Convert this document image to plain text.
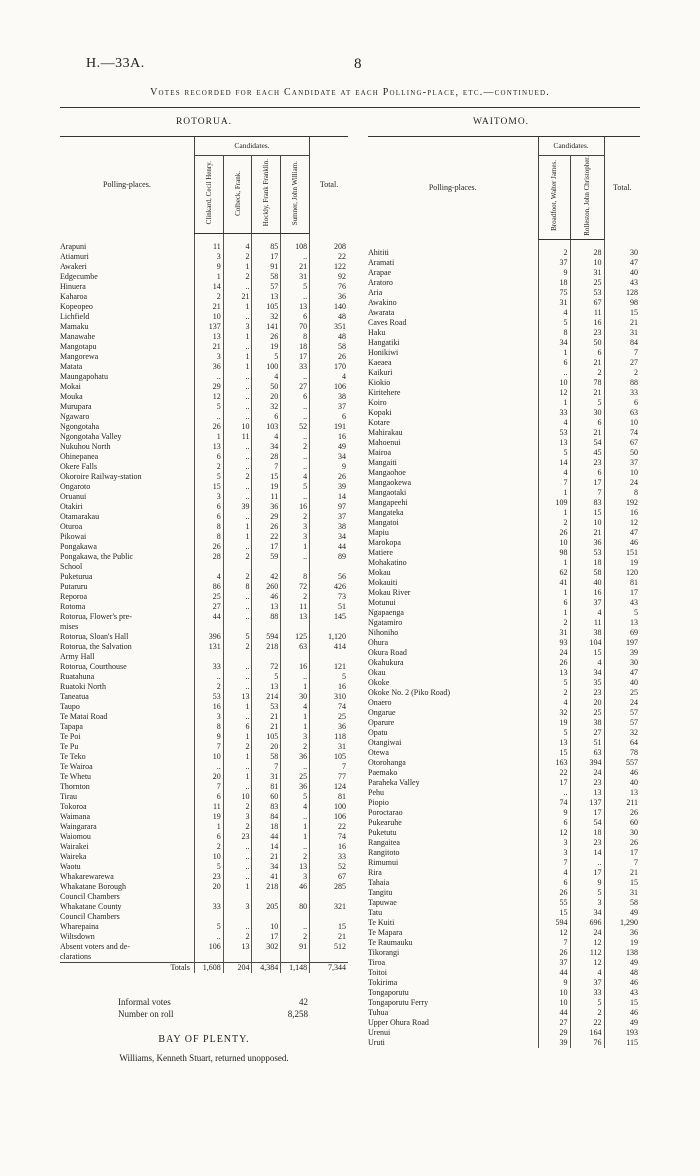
H.—33A.	8
Votes recorded for each Candidate at each Polling-place, etc.—continued.
ROTORUA.	WAITOMO.
Polling-places.	Candidates.				Total.
	Clinkard, Cecil Henry.	Colbeck, Frank.	Hockly, Frank Franklin.	Sumner, John William.	

Arapuni	11	4	85	108	208
Atiamuri	3	2	17	..	22
Awakeri	9	1	91	21	122
Edgecumbe	1	2	58	31	92
Hinuera	14	..	57	5	76
Kaharoa	2	21	13	..	36
Kopeopeo	21	1	105	13	140
Lichfield	10	..	32	6	48
Mamaku	137	3	141	70	351
Manawahe	13	1	26	8	48
Mangotapu	21	..	19	18	58
Mangorewa	3	1	5	17	26
Matata	36	1	100	33	170
Maungapohatu	..	..	4	..	4
Mokai	29	..	50	27	106
Mouka	12	..	20	6	38
Murupara	5	..	32	..	37
Ngawaro	..	..	6	..	6
Ngongotaha	26	10	103	52	191
Ngongotaha Valley	1	11	4	..	16
Nukuhou North	13	..	34	2	49
Ohinepanea	6	..	28	..	34
Okere Falls	2	..	7	..	9
Okoroire Railway-station	5	2	15	4	26
Ongaroto	15	..	19	5	39
Oruanui	3	..	11	..	14
Otakiri	6	39	36	16	97
Otamarakau	6	..	29	2	37
Oturoa	8	1	26	3	38
Pikowai	8	1	22	3	34
Pongakawa	26	..	17	1	44
Pongakawa, the Public	28	2	59	..	89
School					
Puketurua	4	2	42	8	56
Putaruru	86	8	260	72	426
Reporoa	25	..	46	2	73
Rotoma	27	..	13	11	51
Rotorua, Flower's pre-	44	..	88	13	145
mises					
Rotorua, Sloan's Hall	396	5	594	125	1,120
Rotorua, the Salvation	131	2	218	63	414
Army Hall					
Rotorua, Courthouse	33	..	72	16	121
Ruatahuna	..	..	5	..	5
Ruatoki North	2	..	13	1	16
Taneatua	53	13	214	30	310
Taupo	16	1	53	4	74
Te Matai Road	3	..	21	1	25
Tapapa	8	6	21	1	36
Te Poi	9	1	105	3	118
Te Pu	7	2	20	2	31
Te Teko	10	1	58	36	105
Te Wairoa	..	..	7	..	7
Te Whetu	20	1	31	25	77
Thornton	7	..	81	36	124
Tirau	6	10	60	5	81
Tokoroa	11	2	83	4	100
Waimana	19	3	84	..	106
Waingarara	1	2	18	1	22
Waiomou	6	23	44	1	74
Wairakei	2	..	14	..	16
Waireka	10	..	21	2	33
Waotu	5	..	34	13	52
Whakarewarewa	23	..	41	3	67
Whakatane Borough	20	1	218	46	285
Council Chambers					
Whakatane County	33	3	205	80	321
Council Chambers					
Wharepaina	5	..	10	..	15
Wiltsdown	..	2	17	2	21
Absent voters and de-	106	13	302	91	512
clarations					
Totals	1,608	204	4,384	1,148	7,344
Polling-places.	Candidates.		Total.
	Broadfoot, Walter James.	Rolleston, John Christopher.	

Ahititi	2	28	30
Aramati	37	10	47
Arapae	9	31	40
Aratoro	18	25	43
Aria	75	53	128
Awakino	31	67	98
Awarata	4	11	15
Caves Road	5	16	21
Haku	8	23	31
Hangatiki	34	50	84
Honikiwi	1	6	7
Kaeaea	6	21	27
Kaikuri	..	2	2
Kiokio	10	78	88
Kiritehere	12	21	33
Koiro	1	5	6
Kopaki	33	30	63
Kotare	4	6	10
Mahirakau	53	21	74
Mahoenui	13	54	67
Mairoa	5	45	50
Mangaiti	14	23	37
Mangaohoe	4	6	10
Mangaokewa	7	17	24
Mangaotaki	1	7	8
Mangapeehi	109	83	192
Mangateka	1	15	16
Mangatoi	2	10	12
Mapiu	26	21	47
Marokopa	10	36	46
Matiere	98	53	151
Mohakatino	1	18	19
Mokau	62	58	120
Mokauiti	41	40	81
Mokau River	1	16	17
Motunui	6	37	43
Ngapaenga	1	4	5
Ngatamiro	2	11	13
Nihoniho	31	38	69
Ohura	93	104	197
Okura Road	24	15	39
Okahukura	26	4	30
Okau	13	34	47
Okoke	5	35	40
Okoke No. 2 (Piko Road)	2	23	25
Onaero	4	20	24
Ongarue	32	25	57
Oparure	19	38	57
Opatu	5	27	32
Otangiwai	13	51	64
Otewa	15	63	78
Otorohanga	163	394	557
Paemako	22	24	46
Paraheka Valley	17	23	40
Pehu	..	13	13
Piopio	74	137	211
Poroctarao	9	17	26
Pukearuhe	6	54	60
Puketutu	12	18	30
Rangaitea	3	23	26
Rangitoto	3	14	17
Rimumui	7	..	7
Rira	4	17	21
Tahaia	6	9	15
Tangitu	26	5	31
Tapuwae	55	3	58
Tatu	15	34	49
Te Kuiti	594	696	1,290
Te Mapara	12	24	36
Te Raumauku	7	12	19
Tikorangi	26	112	138
Tiroa	37	12	49
Toitoi	44	4	48
Tokirima	9	37	46
Tongaporutu	10	33	43
Tongaporutu Ferry	10	5	15
Tuhua	44	2	46
Upper Ohura Road	27	22	49
Urenui	29	164	193
Uruti	39	76	115
Informal votes	42
Number on roll	8,258
BAY OF PLENTY.
Williams, Kenneth Stuart, returned unopposed.
